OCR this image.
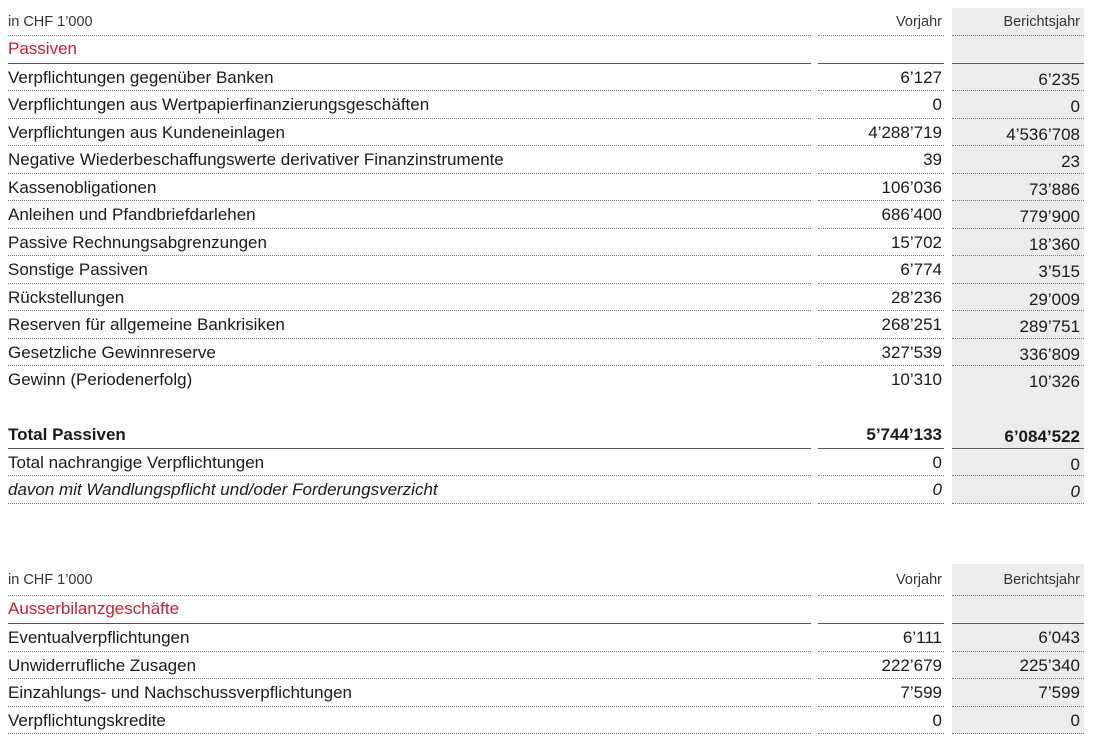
in CHF 1’000	Vorjahr	Berichtsjahr
Passiven
Verpflichtungen gegenüber Banken	6’127	6’235
Verpflichtungen aus Wertpapierfinanzierungsgeschäften	0	0
Verpflichtungen aus Kundeneinlagen	4’288’719	4’536’708
Negative Wiederbeschaffungswerte derivativer Finanzinstrumente	39	23
Kassenobligationen	106’036	73’886
Anleihen und Pfandbriefdarlehen	686’400	779’900
Passive Rechnungsabgrenzungen	15’702	18’360
Sonstige Passiven	6’774	3’515
Rückstellungen	28’236	29’009
Reserven für allgemeine Bankrisiken	268’251	289’751
Gesetzliche Gewinnreserve	327’539	336’809
Gewinn (Periodenerfolg)	10’310	10’326
Total Passiven	5’744’133	6’084’522
Total nachrangige Verpflichtungen	0	0
davon mit Wandlungspflicht und/oder Forderungsverzicht	0	0
in CHF 1’000	Vorjahr	Berichtsjahr
Ausserbilanzgeschäfte
Eventualverpflichtungen	6’111	6’043
Unwiderrufliche Zusagen	222’679	225’340
Einzahlungs- und Nachschussverpflichtungen	7’599	7’599
Verpflichtungskredite	0	0
